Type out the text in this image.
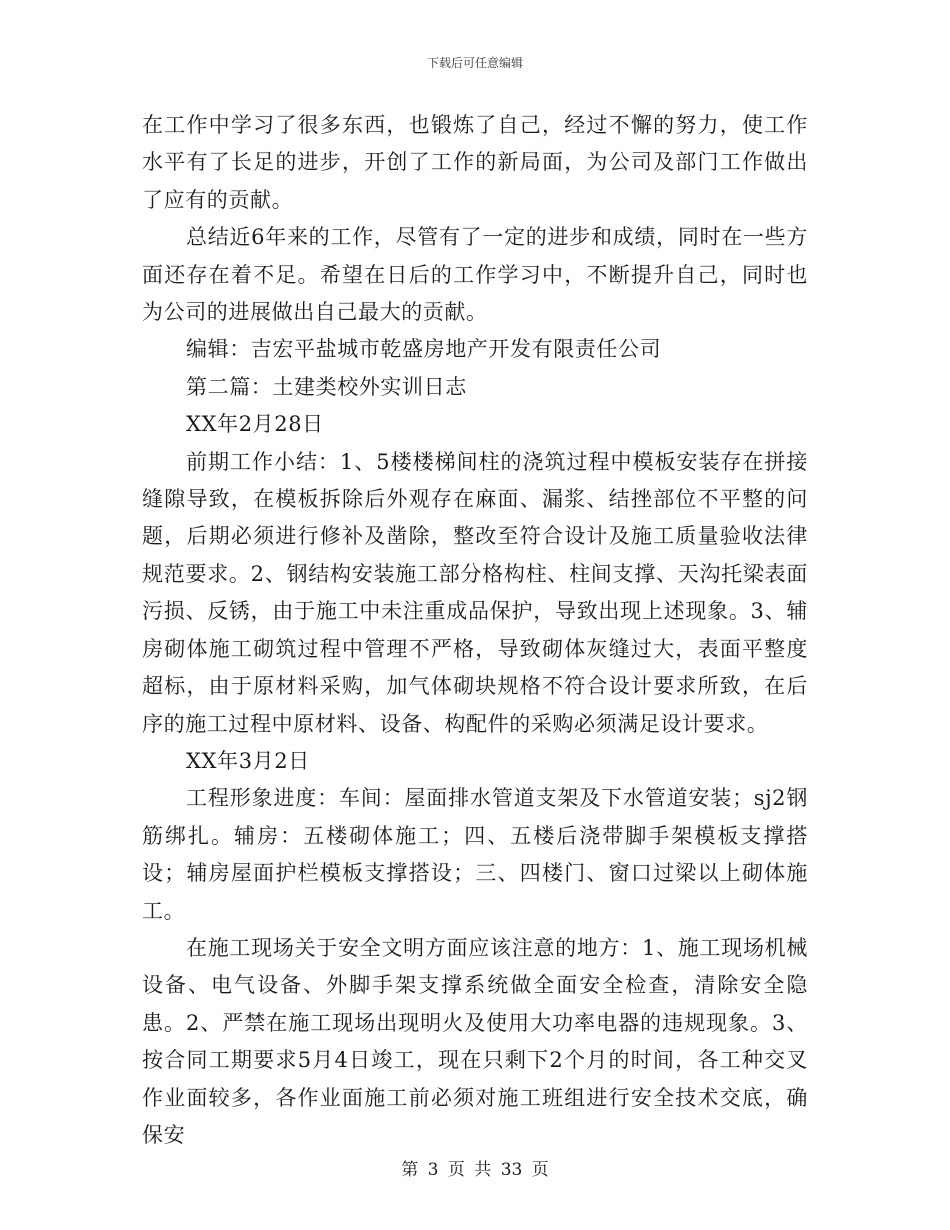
下载后可任意编辑

在工作中学习了很多东西，也锻炼了自己，经过不懈的努力，使工作水平有了长足的进步，开创了工作的新局面，为公司及部门工作做出了应有的贡献。

总结近6年来的工作，尽管有了一定的进步和成绩，同时在一些方面还存在着不足。希望在日后的工作学习中，不断提升自己，同时也为公司的进展做出自己最大的贡献。

编辑：吉宏平盐城市乾盛房地产开发有限责任公司

第二篇：土建类校外实训日志

XX年2月28日

前期工作小结：1、5楼楼梯间柱的浇筑过程中模板安装存在拼接缝隙导致，在模板拆除后外观存在麻面、漏浆、结挫部位不平整的问题，后期必须进行修补及凿除，整改至符合设计及施工质量验收法律规范要求。2、钢结构安装施工部分格构柱、柱间支撑、天沟托梁表面污损、反锈，由于施工中未注重成品保护，导致出现上述现象。3、辅房砌体施工砌筑过程中管理不严格，导致砌体灰缝过大，表面平整度超标，由于原材料采购，加气体砌块规格不符合设计要求所致，在后序的施工过程中原材料、设备、构配件的采购必须满足设计要求。

XX年3月2日

工程形象进度：车间：屋面排水管道支架及下水管道安装；sj2钢筋绑扎。辅房：五楼砌体施工；四、五楼后浇带脚手架模板支撑搭设；辅房屋面护栏模板支撑搭设；三、四楼门、窗口过梁以上砌体施工。

在施工现场关于安全文明方面应该注意的地方：1、施工现场机械设备、电气设备、外脚手架支撑系统做全面安全检查，清除安全隐患。2、严禁在施工现场出现明火及使用大功率电器的违规现象。3、按合同工期要求5月4日竣工，现在只剩下2个月的时间，各工种交叉作业面较多，各作业面施工前必须对施工班组进行安全技术交底，确保安

第 3 页 共 33 页
